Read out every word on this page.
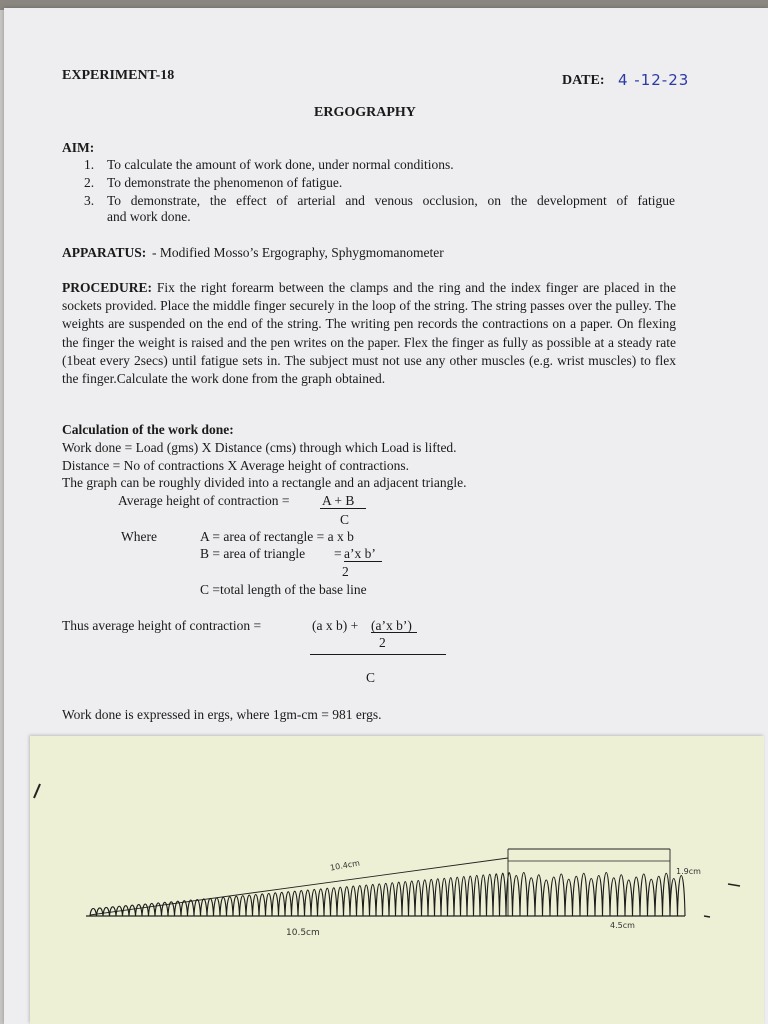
EXPERIMENT-18	DATE: 4 -12-23
ERGOGRAPHY
AIM:
1. To calculate the amount of work done, under normal conditions.
2. To demonstrate the phenomenon of fatigue.
3. To demonstrate, the effect of arterial and venous occlusion, on the development of fatigue
and work done.
APPARATUS: - Modified Mosso’s Ergography, Sphygmomanometer
PROCEDURE: Fix the right forearm between the clamps and the ring and the index finger are placed in the sockets provided. Place the middle finger securely in the loop of the string. The string passes over the pulley. The weights are suspended on the end of the string. The writing pen records the contractions on a paper. On flexing the finger the weight is raised and the pen writes on the paper. Flex the finger as fully as possible at a steady rate (1beat every 2secs) until fatigue sets in. The subject must not use any other muscles (e.g. wrist muscles) to flex the finger.Calculate the work done from the graph obtained.
Calculation of the work done:
Work done = Load (gms) X Distance (cms) through which Load is lifted.
Distance = No of contractions X Average height of contractions.
The graph can be roughly divided into a rectangle and an adjacent triangle.
Average height of contraction = A + B
C
Where	A = area of rectangle = a x b
B = area of triangle = a’x b’
2
C =total length of the base line
Thus average height of contraction =	(a x b) + (a’x b’)
2
C
Work done is expressed in ergs, where 1gm-cm = 981 ergs.
10.4cm
10.5cm
1.9cm
4.5cm
